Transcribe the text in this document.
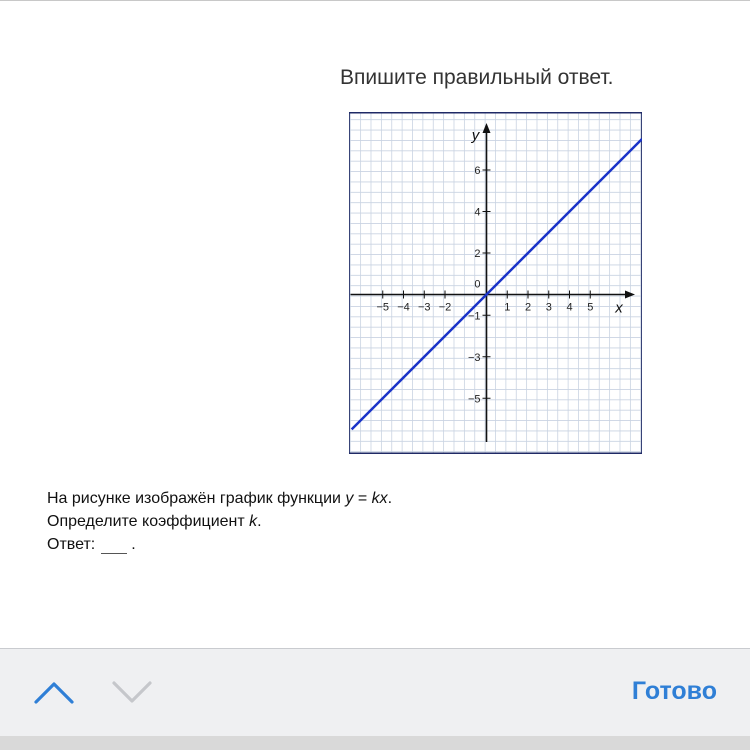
Впишите правильный ответ.
−5 −4 −3 −2	1 2 3 4 5
6
4
2
−1
−3
−5
0
x
y
На рисунке изображён график функции y = kx.
Определите коэффициент k.
Ответ: .
Готово
